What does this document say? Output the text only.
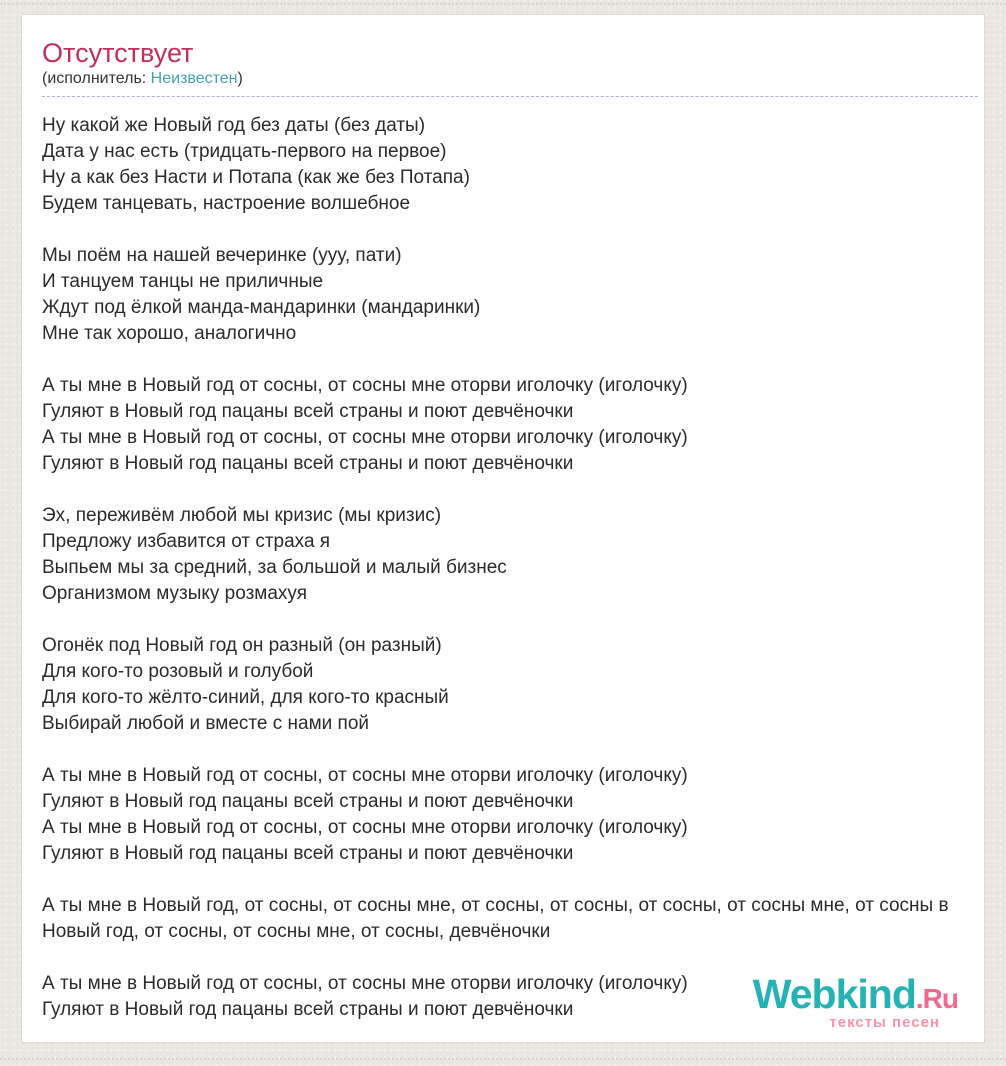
Отсутствует
(исполнитель: Неизвестен)
Ну какой же Новый год без даты (без даты)
Дата у нас есть (тридцать-первого на первое)
Ну а как без Насти и Потапа (как же без Потапа)
Будем танцевать, настроение волшебное
Мы поём на нашей вечеринке (ууу, пати)
И танцуем танцы не приличные
Ждут под ёлкой манда-мандаринки (мандаринки)
Мне так хорошо, аналогично
А ты мне в Новый год от сосны, от сосны мне оторви иголочку (иголочку)
Гуляют в Новый год пацаны всей страны и поют девчёночки
А ты мне в Новый год от сосны, от сосны мне оторви иголочку (иголочку)
Гуляют в Новый год пацаны всей страны и поют девчёночки
Эх, переживём любой мы кризис (мы кризис)
Предложу избавится от страха я
Выпьем мы за средний, за большой и малый бизнес
Организмом музыку розмахуя
Огонёк под Новый год он разный (он разный)
Для кого-то розовый и голубой
Для кого-то жёлто-синий, для кого-то красный
Выбирай любой и вместе с нами пой
А ты мне в Новый год от сосны, от сосны мне оторви иголочку (иголочку)
Гуляют в Новый год пацаны всей страны и поют девчёночки
А ты мне в Новый год от сосны, от сосны мне оторви иголочку (иголочку)
Гуляют в Новый год пацаны всей страны и поют девчёночки
А ты мне в Новый год, от сосны, от сосны мне, от сосны, от сосны, от сосны, от сосны мне, от сосны в Новый год, от сосны, от сосны мне, от сосны, девчёночки
А ты мне в Новый год от сосны, от сосны мне оторви иголочку (иголочку)
Гуляют в Новый год пацаны всей страны и поют девчёночки	Webkind.Ru
тексты песен
